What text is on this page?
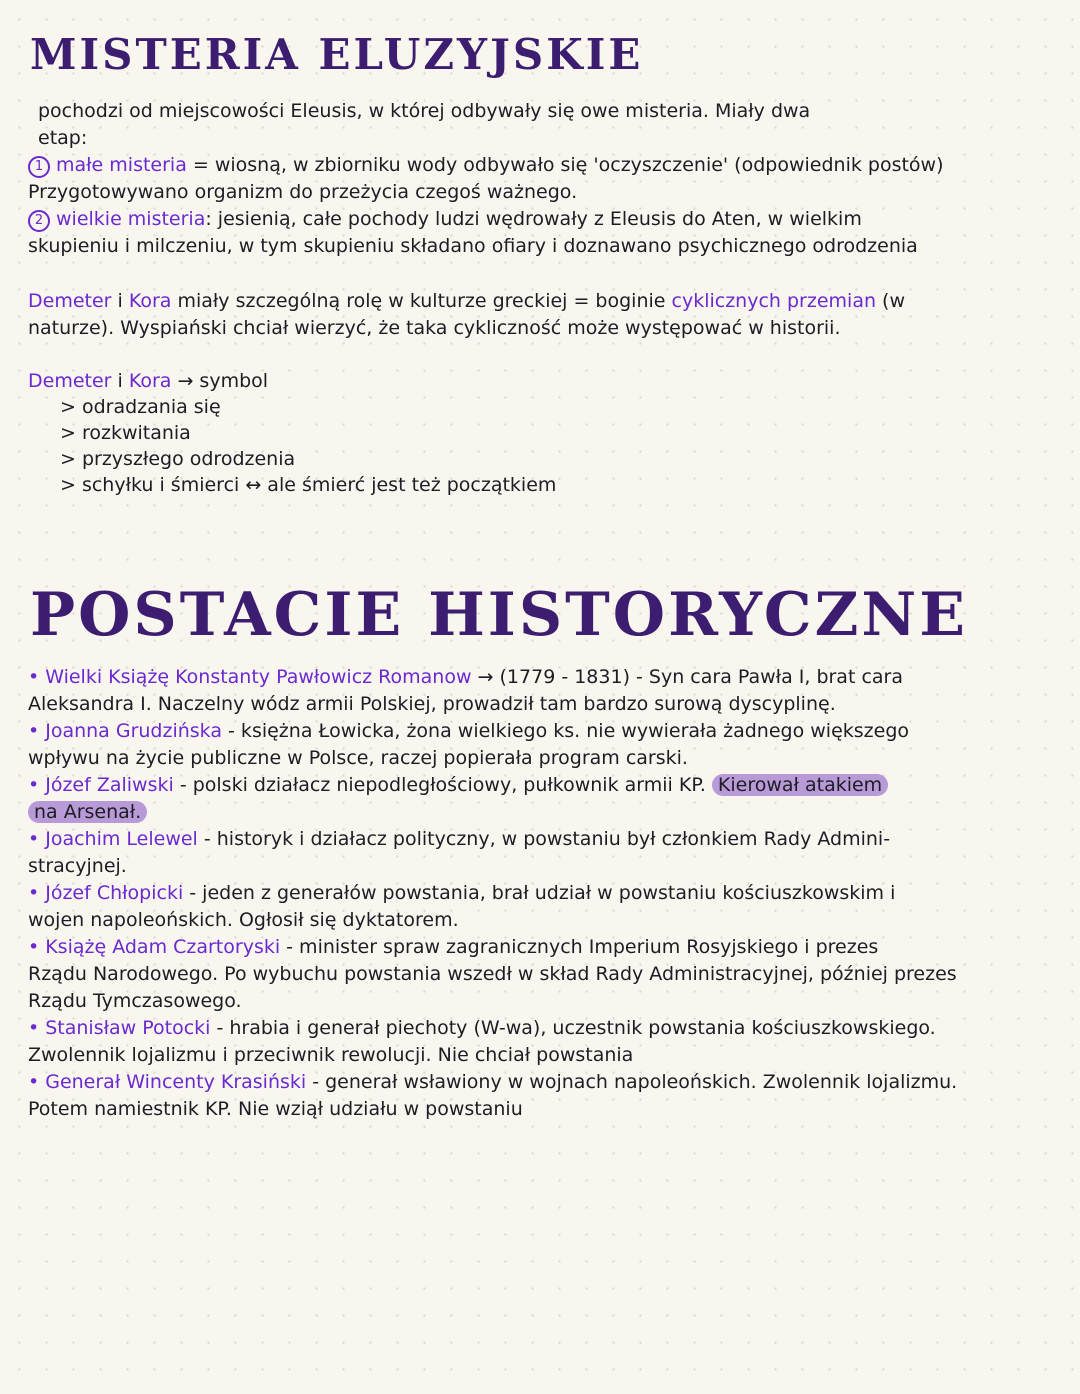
MISTERIA ELUZYJSKIE
pochodzi od miejscowości Eleusis, w której odbywały się owe misteria. Miały dwa
etap:
1 małe misteria = wiosną, w zbiorniku wody odbywało się 'oczyszczenie' (odpowiednik postów)
Przygotowywano organizm do przeżycia czegoś ważnego.
2 wielkie misteria: jesienią, całe pochody ludzi wędrowały z Eleusis do Aten, w wielkim
skupieniu i milczeniu, w tym skupieniu składano ofiary i doznawano psychicznego odrodzenia
Demeter i Kora miały szczególną rolę w kulturze greckiej = boginie cyklicznych przemian (w
naturze). Wyspiański chciał wierzyć, że taka cykliczność może występować w historii.
Demeter i Kora → symbol
> odradzania się
> rozkwitania
> przyszłego odrodzenia
> schyłku i śmierci ↔ ale śmierć jest też początkiem
POSTACIE HISTORYCZNE
• Wielki Książę Konstanty Pawłowicz Romanow → (1779 - 1831) - Syn cara Pawła I, brat cara
Aleksandra I. Naczelny wódz armii Polskiej, prowadził tam bardzo surową dyscyplinę.
• Joanna Grudzińska - księżna Łowicka, żona wielkiego ks. nie wywierała żadnego większego
wpływu na życie publiczne w Polsce, raczej popierała program carski.
• Józef Zaliwski - polski działacz niepodległościowy, pułkownik armii KP. Kierował atakiem
na Arsenał.
• Joachim Lelewel - historyk i działacz polityczny, w powstaniu był członkiem Rady Admini-
stracyjnej.
• Józef Chłopicki - jeden z generałów powstania, brał udział w powstaniu kościuszkowskim i
wojen napoleońskich. Ogłosił się dyktatorem.
• Książę Adam Czartoryski - minister spraw zagranicznych Imperium Rosyjskiego i prezes
Rządu Narodowego. Po wybuchu powstania wszedł w skład Rady Administracyjnej, później prezes
Rządu Tymczasowego.
• Stanisław Potocki - hrabia i generał piechoty (W-wa), uczestnik powstania kościuszkowskiego.
Zwolennik lojalizmu i przeciwnik rewolucji. Nie chciał powstania
• Generał Wincenty Krasiński - generał wsławiony w wojnach napoleońskich. Zwolennik lojalizmu.
Potem namiestnik KP. Nie wziął udziału w powstaniu
